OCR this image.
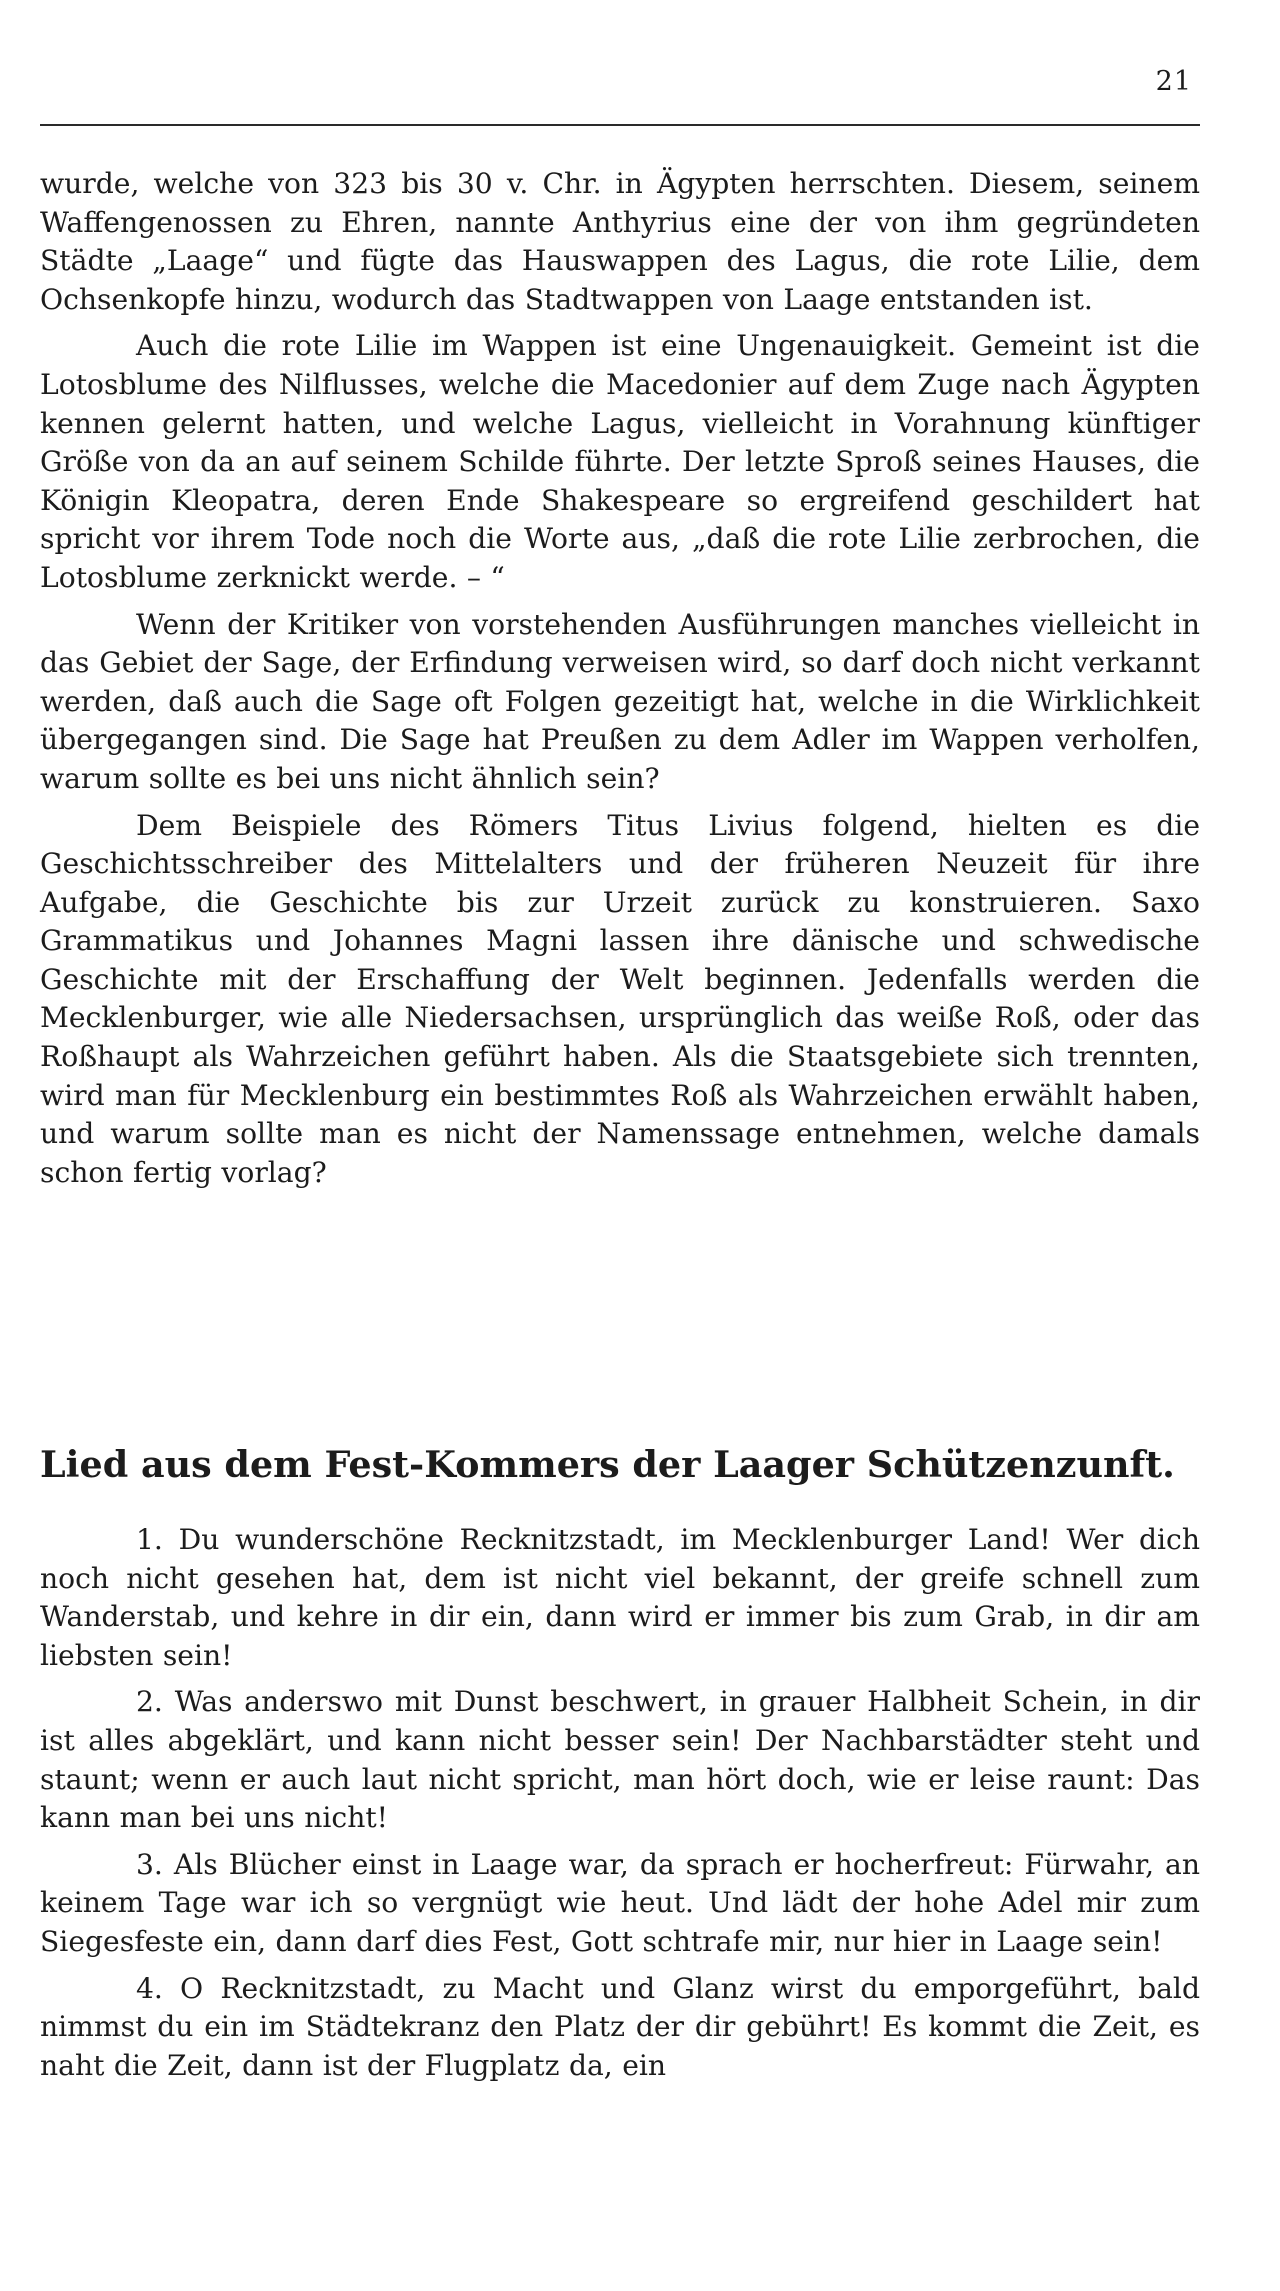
21

wurde, welche von 323 bis 30 v. Chr. in Ägypten herrschten. Diesem, seinem Waffengenossen zu Ehren, nannte Anthyrius eine der von ihm gegründeten Städte „Laage“ und fügte das Hauswappen des Lagus, die rote Lilie, dem Ochsenkopfe hinzu, wodurch das Stadtwappen von Laage entstanden ist.

Auch die rote Lilie im Wappen ist eine Ungenauigkeit. Gemeint ist die Lotosblume des Nilflusses, welche die Macedonier auf dem Zuge nach Ägypten kennen gelernt hatten, und welche Lagus, vielleicht in Vorahnung künftiger Größe von da an auf seinem Schilde führte. Der letzte Sproß seines Hauses, die Königin Kleopatra, deren Ende Shakespeare so ergreifend geschildert hat spricht vor ihrem Tode noch die Worte aus, „daß die rote Lilie zerbrochen, die Lotosblume zerknickt werde. – “

Wenn der Kritiker von vorstehenden Ausführungen manches vielleicht in das Gebiet der Sage, der Erfindung verweisen wird, so darf doch nicht verkannt werden, daß auch die Sage oft Folgen gezeitigt hat, welche in die Wirklichkeit übergegangen sind. Die Sage hat Preußen zu dem Adler im Wappen verholfen, warum sollte es bei uns nicht ähnlich sein?

Dem Beispiele des Römers Titus Livius folgend, hielten es die Geschichtsschreiber des Mittelalters und der früheren Neuzeit für ihre Aufgabe, die Geschichte bis zur Urzeit zurück zu konstruieren. Saxo Grammatikus und Johannes Magni lassen ihre dänische und schwedische Geschichte mit der Erschaffung der Welt beginnen. Jedenfalls werden die Mecklenburger, wie alle Niedersachsen, ursprünglich das weiße Roß, oder das Roßhaupt als Wahrzeichen geführt haben. Als die Staatsgebiete sich trennten, wird man für Mecklenburg ein bestimmtes Roß als Wahrzeichen erwählt haben, und warum sollte man es nicht der Namenssage entnehmen, welche damals schon fertig vorlag?

Lied aus dem Fest-Kommers der Laager Schützenzunft.

1. Du wunderschöne Recknitzstadt, im Mecklenburger Land! Wer dich noch nicht gesehen hat, dem ist nicht viel bekannt, der greife schnell zum Wanderstab, und kehre in dir ein, dann wird er immer bis zum Grab, in dir am liebsten sein!

2. Was anderswo mit Dunst beschwert, in grauer Halbheit Schein, in dir ist alles abgeklärt, und kann nicht besser sein! Der Nachbarstädter steht und staunt; wenn er auch laut nicht spricht, man hört doch, wie er leise raunt: Das kann man bei uns nicht!

3. Als Blücher einst in Laage war, da sprach er hocherfreut: Fürwahr, an keinem Tage war ich so vergnügt wie heut. Und lädt der hohe Adel mir zum Siegesfeste ein, dann darf dies Fest, Gott schtrafe mir, nur hier in Laage sein!

4. O Recknitzstadt, zu Macht und Glanz wirst du emporgeführt, bald nimmst du ein im Städtekranz den Platz der dir gebührt! Es kommt die Zeit, es naht die Zeit, dann ist der Flugplatz da, ein
